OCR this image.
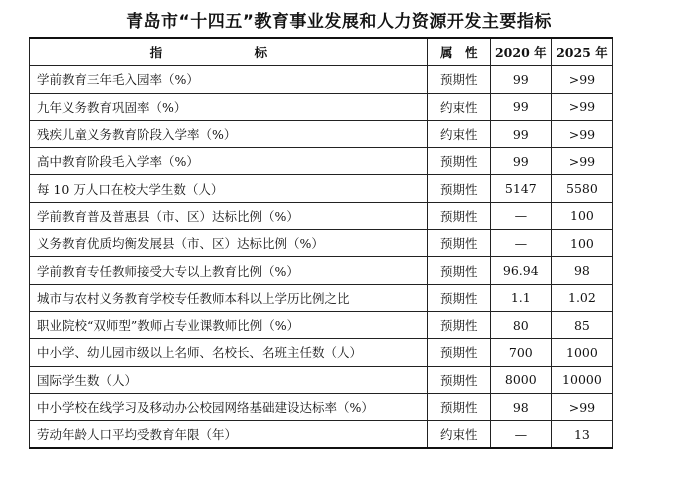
青岛市“十四五”教育事业发展和人力资源开发主要指标
指　标	属　性	2020 年	2025 年
学前教育三年毛入园率（%）	预期性	99	>99
九年义务教育巩固率（%）	约束性	99	>99
残疾儿童义务教育阶段入学率（%）	约束性	99	>99
高中教育阶段毛入学率（%）	预期性	99	>99
每 10 万人口在校大学生数（人）	预期性	5147	5580
学前教育普及普惠县（市、区）达标比例（%）	预期性	—	100
义务教育优质均衡发展县（市、区）达标比例（%）	预期性	—	100
学前教育专任教师接受大专以上教育比例（%）	预期性	96.94	98
城市与农村义务教育学校专任教师本科以上学历比例之比	预期性	1.1	1.02
职业院校“双师型”教师占专业课教师比例（%）	预期性	80	85
中小学、幼儿园市级以上名师、名校长、名班主任数（人）	预期性	700	1000
国际学生数（人）	预期性	8000	10000
中小学校在线学习及移动办公校园网络基础建设达标率（%）	预期性	98	>99
劳动年龄人口平均受教育年限（年）	约束性	—	13
